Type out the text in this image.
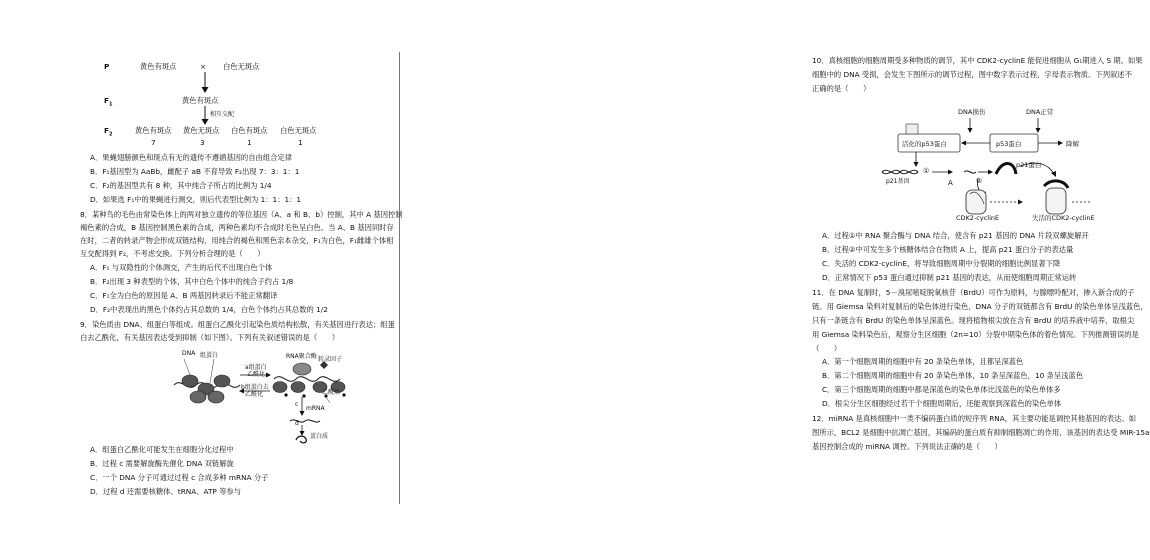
P	黄色有斑点	× 白色无斑点
$F_1$	黄色有斑点
相互交配
$F_2$	黄色有斑点 黄色无斑点 白色有斑点 白色无斑点
7	3	1	1
A．果蝇翅膀颜色和斑点有无的遗传不遵循基因的自由组合定律
B．F₁基因型为 AaBb，雌配子 aB 不育导致 F₂出现 7：3：1：1
C．F₂的基因型共有 8 种，其中纯合子所占的比例为 1/4
D．如果选 F₁中的果蝇进行测交，则后代表型比例为 1：1：1：1
8．某种鸟的毛色由常染色体上的两对独立遗传的等位基因（A、a 和 B、b）控制，其中 A 基因控制
褐色素的合成，B 基因控制黑色素的合成，两种色素均不合成时毛色呈白色。当 A、B 基因同时存
在时，二者的转录产物会形成双链结构，用纯合的褐色和黑色亲本杂交，F₁为白色，F₁雌雄个体相
互交配得到 F₂，不考虑交换。下列分析合理的是（　　）
A．F₁ 与双隐性的个体测交，产生的后代不出现白色个体
B．F₂出现 3 种表型的个体，其中白色个体中的纯合子约占 1/8
C．F₁全为白色的原因是 A、B 两基因转录后不能正常翻译
D．F₂中表现出的黑色个体约占其总数的 1/4，白色个体约占其总数的 1/2
9．染色质由 DNA、组蛋白等组成。组蛋白乙酰化引起染色质结构松散，有关基因进行表达；组蛋
白去乙酰化，有关基因表达受到抑制（如下图）。下列有关叙述错误的是（　　）
DNA 组蛋白
a组蛋白
乙酰化
b组蛋白去
乙酰化
RNA聚合酶 转录因子
乙酰基
c
mRNA
d
蛋白质
A．组蛋白乙酰化可能发生在细胞分化过程中
B．过程 c 需要解旋酶先催化 DNA 双链解旋
C．一个 DNA 分子可通过过程 c 合成多种 mRNA 分子
D．过程 d 还需要核糖体、tRNA、ATP 等参与
10．真核细胞的细胞周期受多种物质的调节，其中 CDK2-cyclinE 能促进细胞从 G₁期进入 S 期。如果
细胞中的 DNA 受损，会发生下图所示的调节过程，图中数字表示过程，字母表示物质。下列叙述不
正确的是（　　）
DNA损伤	DNA正常
活化的p53蛋白	p53蛋白	降解
p21基因
①
A	②
p21蛋白
CDK2-cyclinE	失活的CDK2-cyclinE
A．过程①中 RNA 聚合酶与 DNA 结合，使含有 p21 基因的 DNA 片段双螺旋解开
B．过程②中可发生多个核糖体结合在物质 A 上，提高 p21 蛋白分子的表达量
C．失活的 CDK2-cyclinE，将导致细胞周期中分裂期的细胞比例显著下降
D．正常情况下 p53 蛋白通过抑制 p21 基因的表达，从而使细胞周期正常运转
11．在 DNA 复制时，5－溴尿嘧啶脱氧核苷（BrdU）可作为原料，与腺嘌呤配对，掺入新合成的子
链。用 Giemsa 染料对复制后的染色体进行染色，DNA 分子的双链都含有 BrdU 的染色单体呈浅蓝色，
只有一条链含有 BrdU 的染色单体呈深蓝色。现将植物根尖放在含有 BrdU 的培养液中培养，取根尖
用 Giemsa 染料染色后，观察分生区细胞（2n=10）分裂中期染色体的着色情况。下列推测错误的是
（　　）
A．第一个细胞周期的细胞中有 20 条染色单体，且都呈深蓝色
B．第二个细胞周期的细胞中有 20 条染色单体，10 条呈深蓝色，10 条呈浅蓝色
C．第三个细胞周期的细胞中都是深蓝色的染色单体比浅蓝色的染色单体多
D．根尖分生区细胞经过若干个细胞周期后，还能观察到深蓝色的染色单体
12．miRNA 是真核细胞中一类不编码蛋白质的短序列 RNA，其主要功能是调控其他基因的表达。如
图所示，BCL2 是细胞中抗凋亡基因，其编码的蛋白质有抑制细胞凋亡的作用，该基因的表达受 MIR-15a
基因控制合成的 miRNA 调控。下列说法正确的是（　　）
